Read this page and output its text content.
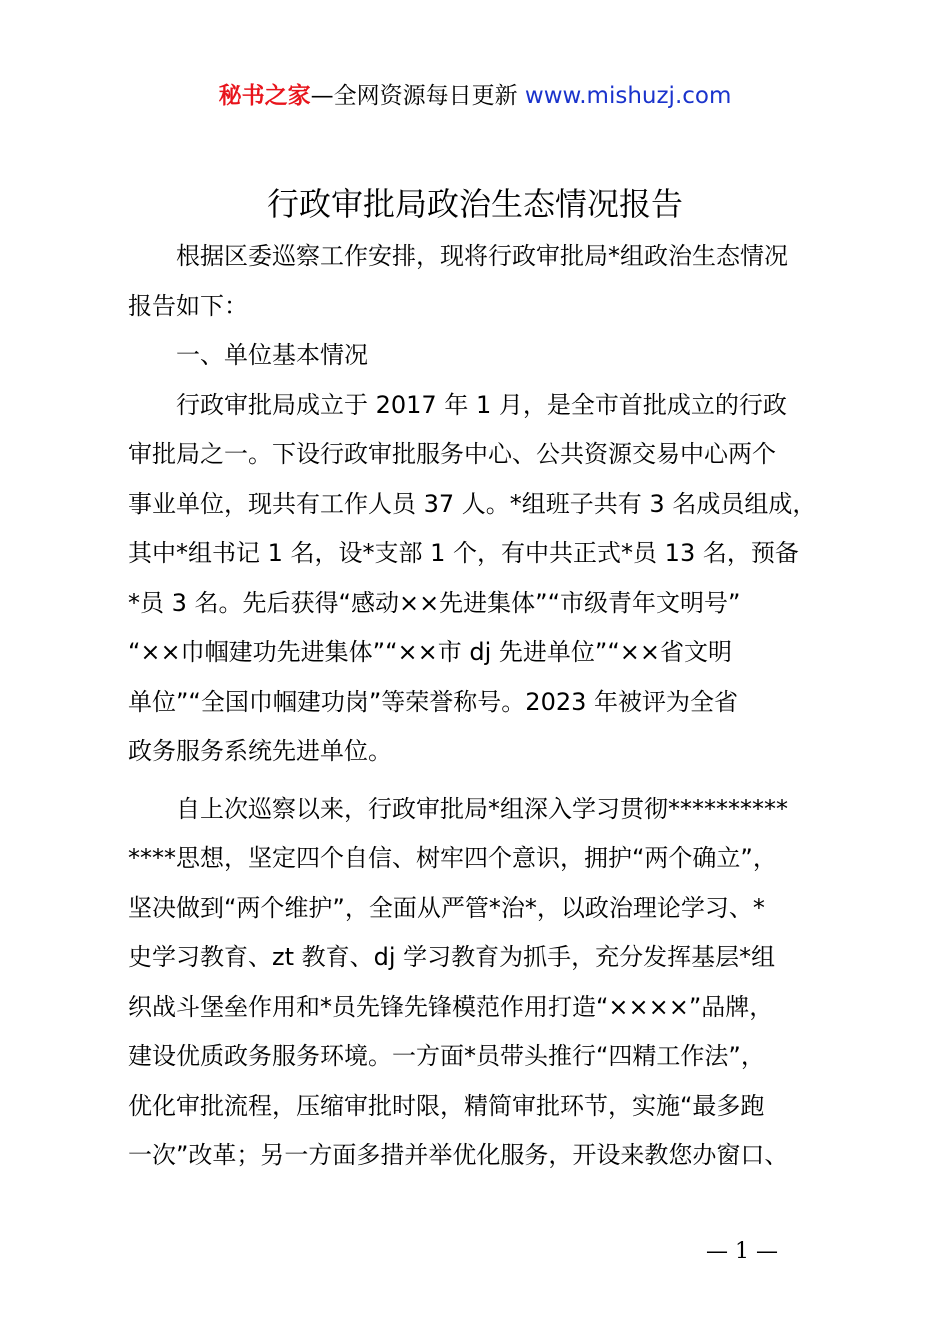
秘书之家—全网资源每日更新 www.mishuzj.com
行政审批局政治生态情况报告
　　根据区委巡察工作安排，现将行政审批局*组政治生态情况
报告如下：
　　一、单位基本情况
　　行政审批局成立于 2017 年 1 月，是全市首批成立的行政
审批局之一。下设行政审批服务中心、公共资源交易中心两个
事业单位，现共有工作人员 37 人。*组班子共有 3 名成员组成，
其中*组书记 1 名，设*支部 1 个，有中共正式*员 13 名，预备
*员 3 名。先后获得“感动××先进集体”“市级青年文明号”
“××巾帼建功先进集体”“××市 dj 先进单位”“××省文明
单位”“全国巾帼建功岗”等荣誉称号。2023 年被评为全省
政务服务系统先进单位。
　　自上次巡察以来，行政审批局*组深入学习贯彻**********
****思想，坚定四个自信、树牢四个意识，拥护“两个确立”，
坚决做到“两个维护”，全面从严管*治*，以政治理论学习、*
史学习教育、zt 教育、dj 学习教育为抓手，充分发挥基层*组
织战斗堡垒作用和*员先锋先锋模范作用打造“××××”品牌，
建设优质政务服务环境。一方面*员带头推行“四精工作法”，
优化审批流程，压缩审批时限，精简审批环节，实施“最多跑
一次”改革；另一方面多措并举优化服务，开设来教您办窗口、
— 1 —
